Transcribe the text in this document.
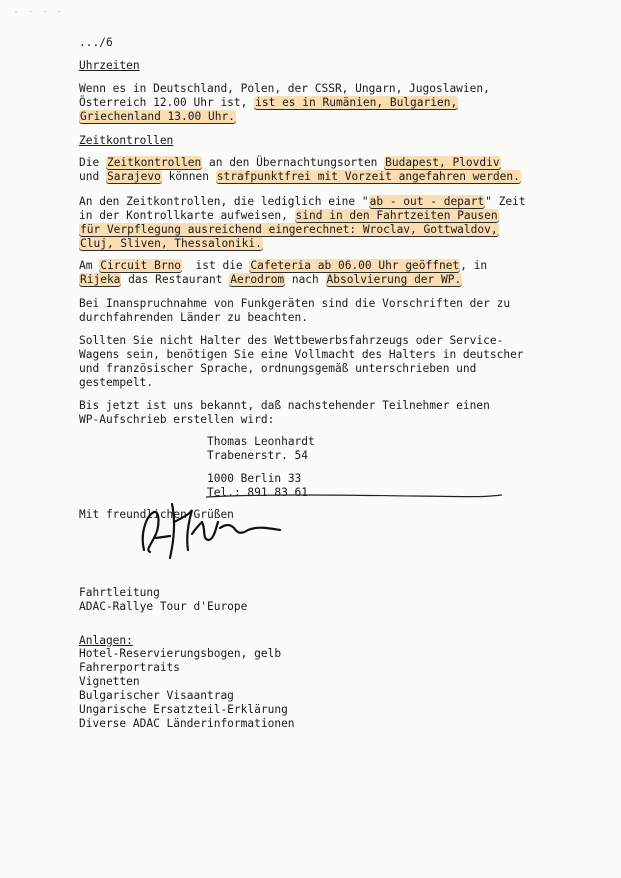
- - - -
.../6
Uhrzeiten
Wenn es in Deutschland, Polen, der CSSR, Ungarn, Jugoslawien,
Österreich 12.00 Uhr ist, ist es in Rumänien, Bulgarien,
Griechenland 13.00 Uhr.
Zeitkontrollen
Die Zeitkontrollen an den Übernachtungsorten Budapest, Plovdiv
und Sarajevo können strafpunktfrei mit Vorzeit angefahren werden.
An den Zeitkontrollen, die lediglich eine "ab - out - depart" Zeit
in der Kontrollkarte aufweisen, sind in den Fahrtzeiten Pausen
für Verpflegung ausreichend eingerechnet: Wroclav, Gottwaldov,
Cluj, Sliven, Thessaloniki.
Am Circuit Brno  ist die Cafeteria ab 06.00 Uhr geöffnet, in
Rijeka das Restaurant Aerodrom nach Absolvierung der WP.
Bei Inanspruchnahme von Funkgeräten sind die Vorschriften der zu
durchfahrenden Länder zu beachten.
Sollten Sie nicht Halter des Wettbewerbsfahrzeugs oder Service-
Wagens sein, benötigen Sie eine Vollmacht des Halters in deutscher
und französischer Sprache, ordnungsgemäß unterschrieben und
gestempelt.
Bis jetzt ist uns bekannt, daß nachstehender Teilnehmer einen
WP-Aufschrieb erstellen wird:
Thomas Leonhardt
Trabenerstr. 54
1000 Berlin 33
Tel.: 891 83 61
Mit freundlichen Grüßen
Fahrtleitung
ADAC-Rallye Tour d'Europe
Anlagen:
Hotel-Reservierungsbogen, gelb
Fahrerportraits
Vignetten
Bulgarischer Visaantrag
Ungarische Ersatzteil-Erklärung
Diverse ADAC Länderinformationen
